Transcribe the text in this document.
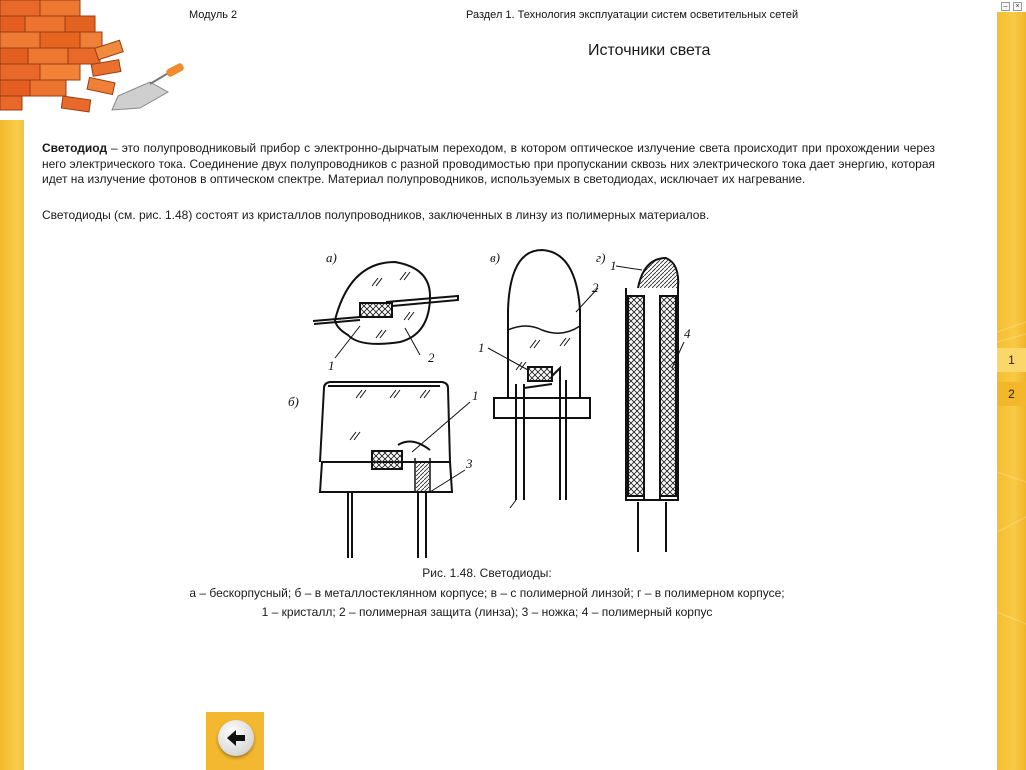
–	×
1
2
Модуль 2	Раздел 1. Технология эксплуатации систем осветительных сетей
Источники света
Светодиод – это полупроводниковый прибор с электронно-дырчатым переходом, в котором оптическое излучение света происходит при прохождении через него электрического тока. Соединение двух полупроводников с разной проводимостью при пропускании сквозь них электрического тока дает энергию, которая идет на излучение фотонов в оптическом спектре. Материал полупроводников, используемых в светодиодах, исключает их нагревание.
Светодиоды (см. рис. 1.48) состоят из кристаллов полупроводников, заключенных в линзу из полимерных материалов.
а)
б)
в)	г)
1
2
1
3
1
2
1
4
Рис. 1.48. Светодиоды:
а – бескорпусный; б – в металлостеклянном корпусе; в – с полимерной линзой; г – в полимерном корпусе;
1 – кристалл; 2 – полимерная защита (линза); 3 – ножка; 4 – полимерный корпус
